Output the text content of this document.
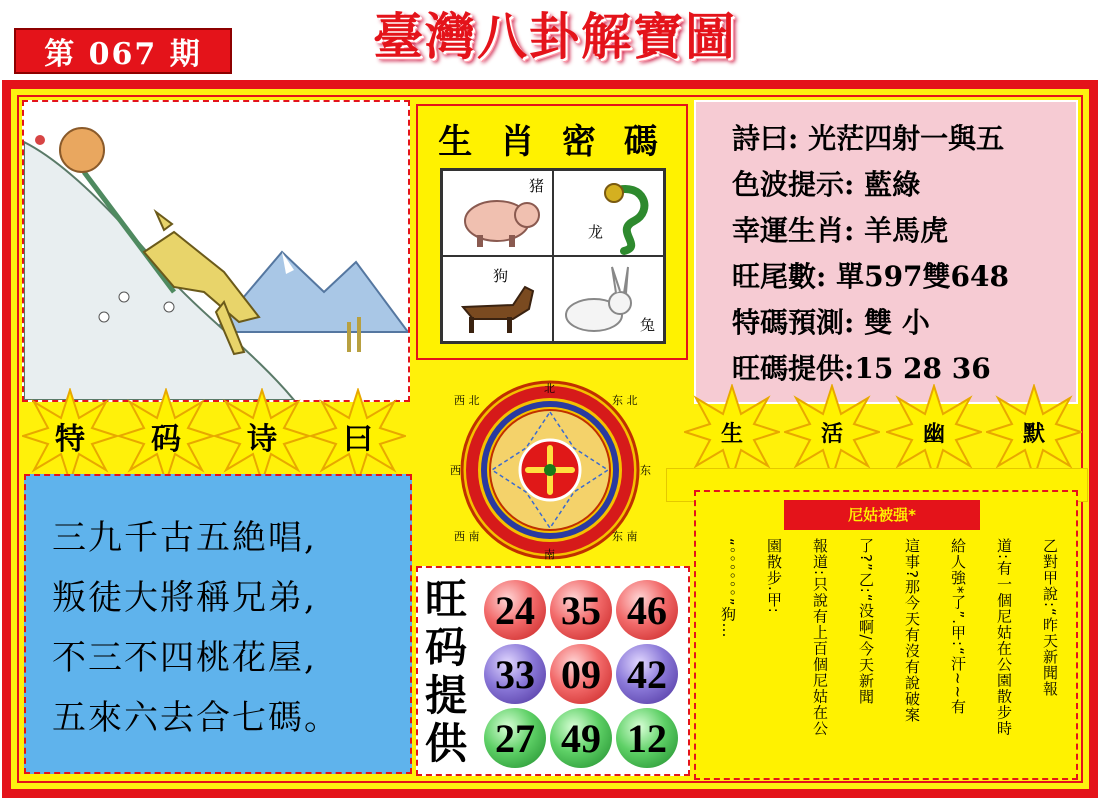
第 067 期	臺灣八卦解寶圖
生 肖 密 碼
猪
龙
狗
兔
詩曰: 光茫四射一與五
色波提示: 藍綠
幸運生肖: 羊馬虎
旺尾數: 單597雙648
特碼預測: 雙 小
旺碼提供:15 28 36
特 码 诗 曰	生	活	幽	默
西 北
北
东 北
西	东
西 南
南
东 南
三九千古五絶唱,
叛徒大將稱兄弟,
不三不四桃花屋,
五來六去合七碼。
旺码提供
24 35 46
33 09 42
27 49 12
尼姑被强*
乙對甲說:“昨天新聞報
道:有一個尼姑在公園散步時
給人強*了”.甲:“汗~~有
這事?那今天有沒有說破案
了?”乙:“没啊/今天新聞
報道:只說有上百個尼姑在公
園散步.甲:
“。。。。。。”狗…
